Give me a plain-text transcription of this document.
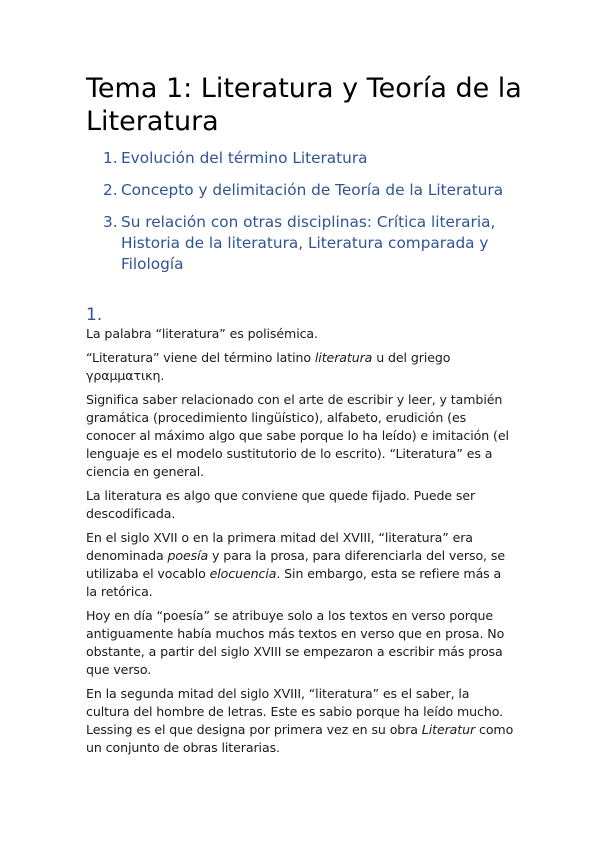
Tema 1: Literatura y Teoría de la Literatura
1. Evolución del término Literatura
2. Concepto y delimitación de Teoría de la Literatura
3. Su relación con otras disciplinas: Crítica literaria, Historia de la literatura, Literatura comparada y Filología
1.

La palabra “literatura” es polisémica.

“Literatura” viene del término latino literatura u del griego γραμματικη.

Significa saber relacionado con el arte de escribir y leer, y también gramática (procedimiento lingüístico), alfabeto, erudición (es conocer al máximo algo que sabe porque lo ha leído) e imitación (el lenguaje es el modelo sustitutorio de lo escrito). “Literatura” es a ciencia en general.

La literatura es algo que conviene que quede fijado. Puede ser descodificada.

En el siglo XVII o en la primera mitad del XVIII, “literatura” era denominada poesía y para la prosa, para diferenciarla del verso, se utilizaba el vocablo elocuencia. Sin embargo, esta se refiere más a la retórica.

Hoy en día “poesía” se atribuye solo a los textos en verso porque antiguamente había muchos más textos en verso que en prosa. No obstante, a partir del siglo XVIII se empezaron a escribir más prosa que verso.

En la segunda mitad del siglo XVIII, “literatura” es el saber, la cultura del hombre de letras. Este es sabio porque ha leído mucho. Lessing es el que designa por primera vez en su obra Literatur como un conjunto de obras literarias.
